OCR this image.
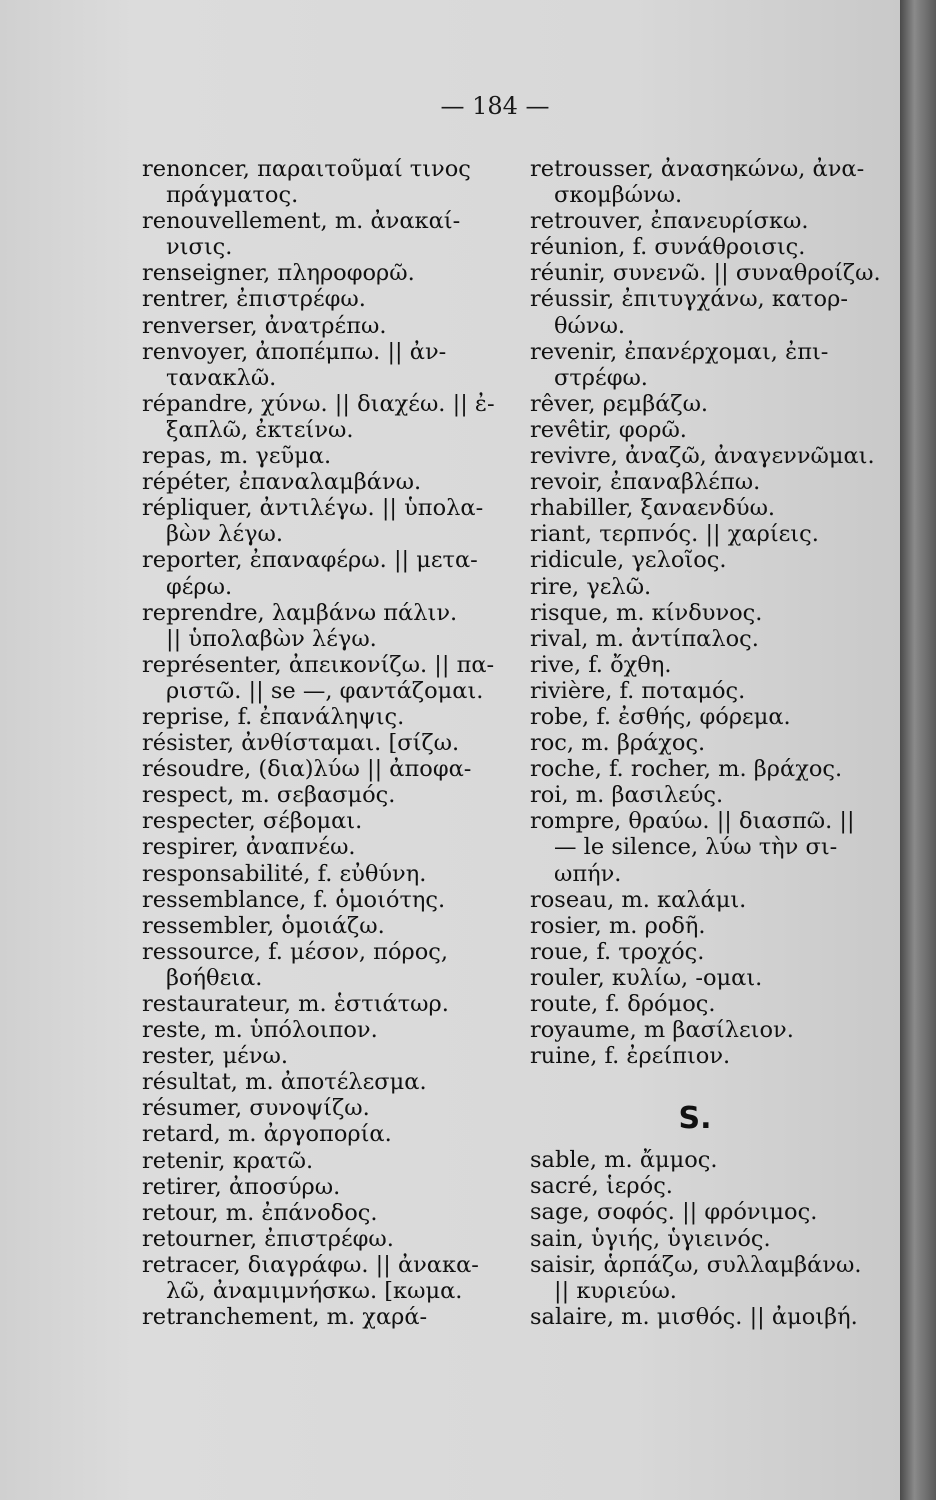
— 184 —
renoncer, παραιτοῦμαί τινος
πράγματος.
renouvellement, m. ἀνακαί-
νισις.
renseigner, πληροφορῶ.
rentrer, ἐπιστρέφω.
renverser, ἀνατρέπω.
renvoyer, ἀποπέμπω. || ἀν-
τανακλῶ.
répandre, χύνω. || διαχέω. || ἐ-
ξαπλῶ, ἐκτείνω.
repas, m. γεῦμα.
répéter, ἐπαναλαμβάνω.
répliquer, ἀντιλέγω. || ὑπολα-
βὼν λέγω.
reporter, ἐπαναφέρω. || μετα-
φέρω.
reprendre, λαμβάνω πάλιν.
|| ὑπολαβὼν λέγω.
représenter, ἀπεικονίζω. || πα-
ριστῶ. || se —, φαντάζομαι.
reprise, f. ἐπανάληψις.
résister, ἀνθίσταμαι. [σίζω.
résoudre, (δια)λύω || ἀποφα-
respect, m. σεβασμός.
respecter, σέβομαι.
respirer, ἀναπνέω.
responsabilité, f. εὐθύνη.
ressemblance, f. ὁμοιότης.
ressembler, ὁμοιάζω.
ressource, f. μέσον, πόρος,
βοήθεια.
restaurateur, m. ἑστιάτωρ.
reste, m. ὑπόλοιπον.
rester, μένω.
résultat, m. ἀποτέλεσμα.
résumer, συνοψίζω.
retard, m. ἀργοπορία.
retenir, κρατῶ.
retirer, ἀποσύρω.
retour, m. ἐπάνοδος.
retourner, ἐπιστρέφω.
retracer, διαγράφω. || ἀνακα-
λῶ, ἀναμιμνήσκω. [κωμα.
retranchement, m. χαρά-
retrousser, ἀνασηκώνω, ἀνα-
σκομβώνω.
retrouver, ἐπανευρίσκω.
réunion, f. συνάθροισις.
réunir, συνενῶ. || συναθροίζω.
réussir, ἐπιτυγχάνω, κατορ-
θώνω.
revenir, ἐπανέρχομαι, ἐπι-
στρέφω.
rêver, ρεμβάζω.
revêtir, φορῶ.
revivre, ἀναζῶ, ἀναγεννῶμαι.
revoir, ἐπαναβλέπω.
rhabiller, ξαναενδύω.
riant, τερπνός. || χαρίεις.
ridicule, γελοῖος.
rire, γελῶ.
risque, m. κίνδυνος.
rival, m. ἀντίπαλος.
rive, f. ὄχθη.
rivière, f. ποταμός.
robe, f. ἐσθής, φόρεμα.
roc, m. βράχος.
roche, f. rocher, m. βράχος.
roi, m. βασιλεύς.
rompre, θραύω. || διασπῶ. ||
— le silence, λύω τὴν σι-
ωπήν.
roseau, m. καλάμι.
rosier, m. ροδῆ.
roue, f. τροχός.
rouler, κυλίω, -ομαι.
route, f. δρόμος.
royaume, m βασίλειον.
ruine, f. ἐρείπιον.
S.
sable, m. ἄμμος.
sacré, ἱερός.
sage, σοφός. || φρόνιμος.
sain, ὑγιής, ὑγιεινός.
saisir, ἁρπάζω, συλλαμβάνω.
|| κυριεύω.
salaire, m. μισθός. || ἀμοιβή.
